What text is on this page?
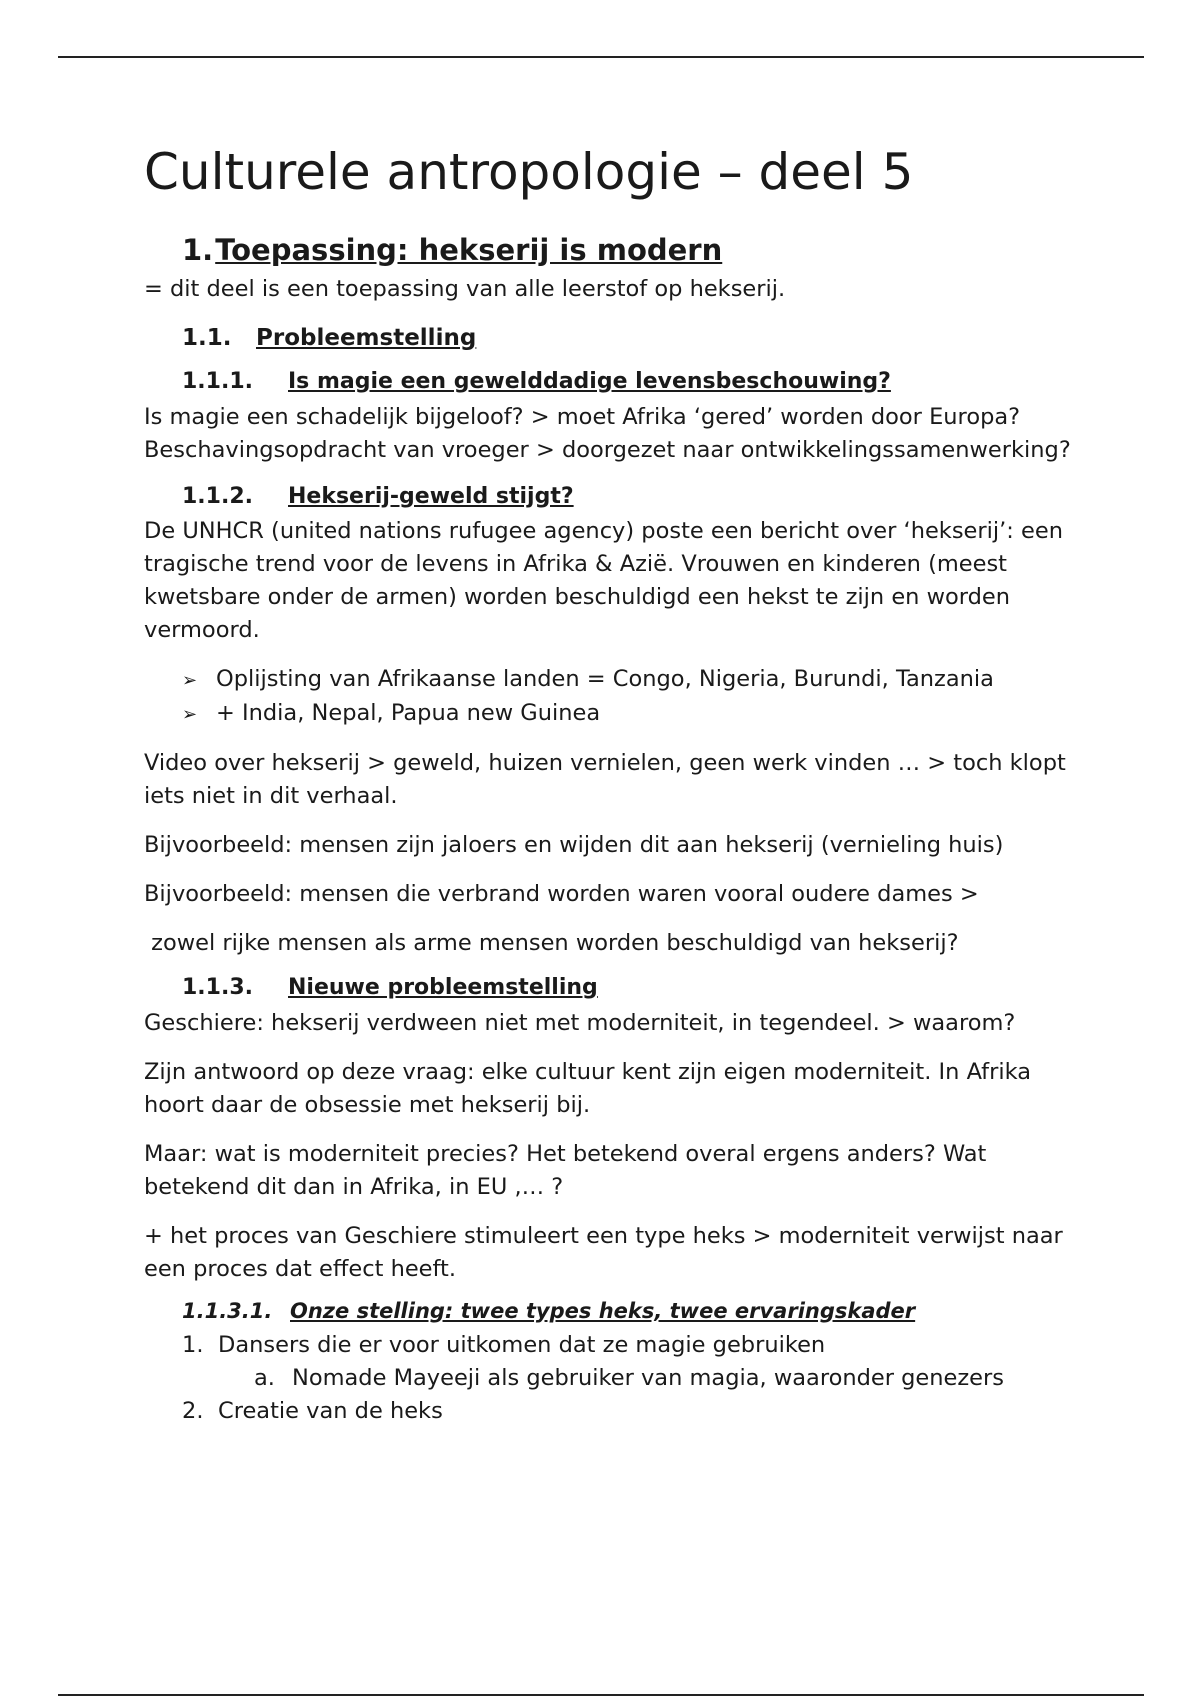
Culturele antropologie – deel 5
1.Toepassing: hekserij is modern

= dit deel is een toepassing van alle leerstof op hekserij.

1.1. Probleemstelling
1.1.1. Is magie een gewelddadige levensbeschouwing?

Is magie een schadelijk bijgeloof? > moet Afrika ‘gered’ worden door Europa? Beschavingsopdracht van vroeger > doorgezet naar ontwikkelingssamenwerking?

1.1.2. Hekserij-geweld stijgt?

De UNHCR (united nations rufugee agency) poste een bericht over ‘hekserij’: een tragische trend voor de levens in Afrika & Azië. Vrouwen en kinderen (meest kwetsbare onder de armen) worden beschuldigd een hekst te zijn en worden vermoord.

➢ Oplijsting van Afrikaanse landen = Congo, Nigeria, Burundi, Tanzania
➢ + India, Nepal, Papua new Guinea

Video over hekserij > geweld, huizen vernielen, geen werk vinden … > toch klopt iets niet in dit verhaal.

Bijvoorbeeld: mensen zijn jaloers en wijden dit aan hekserij (vernieling huis)

Bijvoorbeeld: mensen die verbrand worden waren vooral oudere dames >

zowel rijke mensen als arme mensen worden beschuldigd van hekserij?

1.1.3. Nieuwe probleemstelling

Geschiere: hekserij verdween niet met moderniteit, in tegendeel. > waarom?

Zijn antwoord op deze vraag: elke cultuur kent zijn eigen moderniteit. In Afrika hoort daar de obsessie met hekserij bij.

Maar: wat is moderniteit precies? Het betekend overal ergens anders? Wat betekend dit dan in Afrika, in EU ,… ?

+ het proces van Geschiere stimuleert een type heks > moderniteit verwijst naar een proces dat effect heeft.

1.1.3.1. Onze stelling: twee types heks, twee ervaringskader
1. Dansers die er voor uitkomen dat ze magie gebruiken
a. Nomade Mayeeji als gebruiker van magia, waaronder genezers
2. Creatie van de heks
